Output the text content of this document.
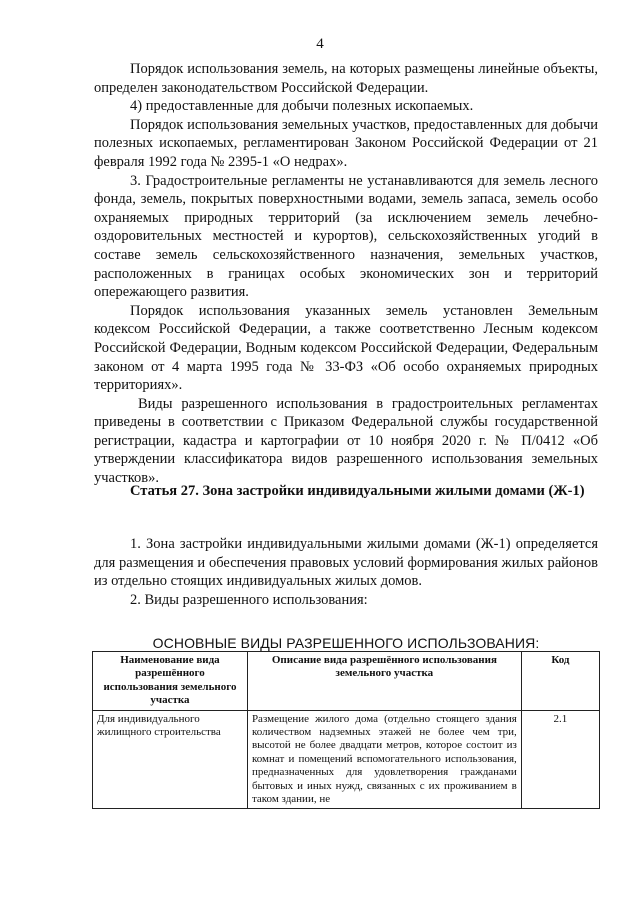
4

Порядок использования земель, на которых размещены линейные объекты, определен законодательством Российской Федерации.

4) предоставленные для добычи полезных ископаемых.

Порядок использования земельных участков, предоставленных для добычи полезных ископаемых, регламентирован Законом Российской Федерации от 21 февраля 1992 года № 2395-1 «О недрах».

3. Градостроительные регламенты не устанавливаются для земель лесного фонда, земель, покрытых поверхностными водами, земель запаса, земель особо охраняемых природных территорий (за исключением земель лечебно-оздоровительных местностей и курортов), сельскохозяйственных угодий в составе земель сельскохозяйственного назначения, земельных участков, расположенных в границах особых экономических зон и территорий опережающего развития.

Порядок использования указанных земель установлен Земельным кодексом Российской Федерации, а также соответственно Лесным кодексом Российской Федерации, Водным кодексом Российской Федерации, Федеральным законом от 4 марта 1995 года № 33-ФЗ «Об особо охраняемых природных территориях».

Виды разрешенного использования в градостроительных регламентах приведены в соответствии с Приказом Федеральной службы государственной регистрации, кадастра и картографии от 10 ноября 2020 г. № П/0412 «Об утверждении классификатора видов разрешенного использования земельных участков».

Статья 27. Зона застройки индивидуальными жилыми домами (Ж-1)

1. Зона застройки индивидуальными жилыми домами (Ж-1) определяется для размещения и обеспечения правовых условий формирования жилых районов из отдельно стоящих индивидуальных жилых домов.

2. Виды разрешенного использования:

ОСНОВНЫЕ ВИДЫ РАЗРЕШЕННОГО ИСПОЛЬЗОВАНИЯ:
Наименование вида разрешённого использования земельного участка	Описание вида разрешённого использования земельного участка	Код
Для индивидуального жилищного строительства	Размещение жилого дома (отдельно стоящего здания количеством надземных этажей не более чем три, высотой не более двадцати метров, которое состоит из комнат и помещений вспомогательного использования, предназначенных для удовлетворения гражданами бытовых и иных нужд, связанных с их проживанием в таком здании, не	2.1
